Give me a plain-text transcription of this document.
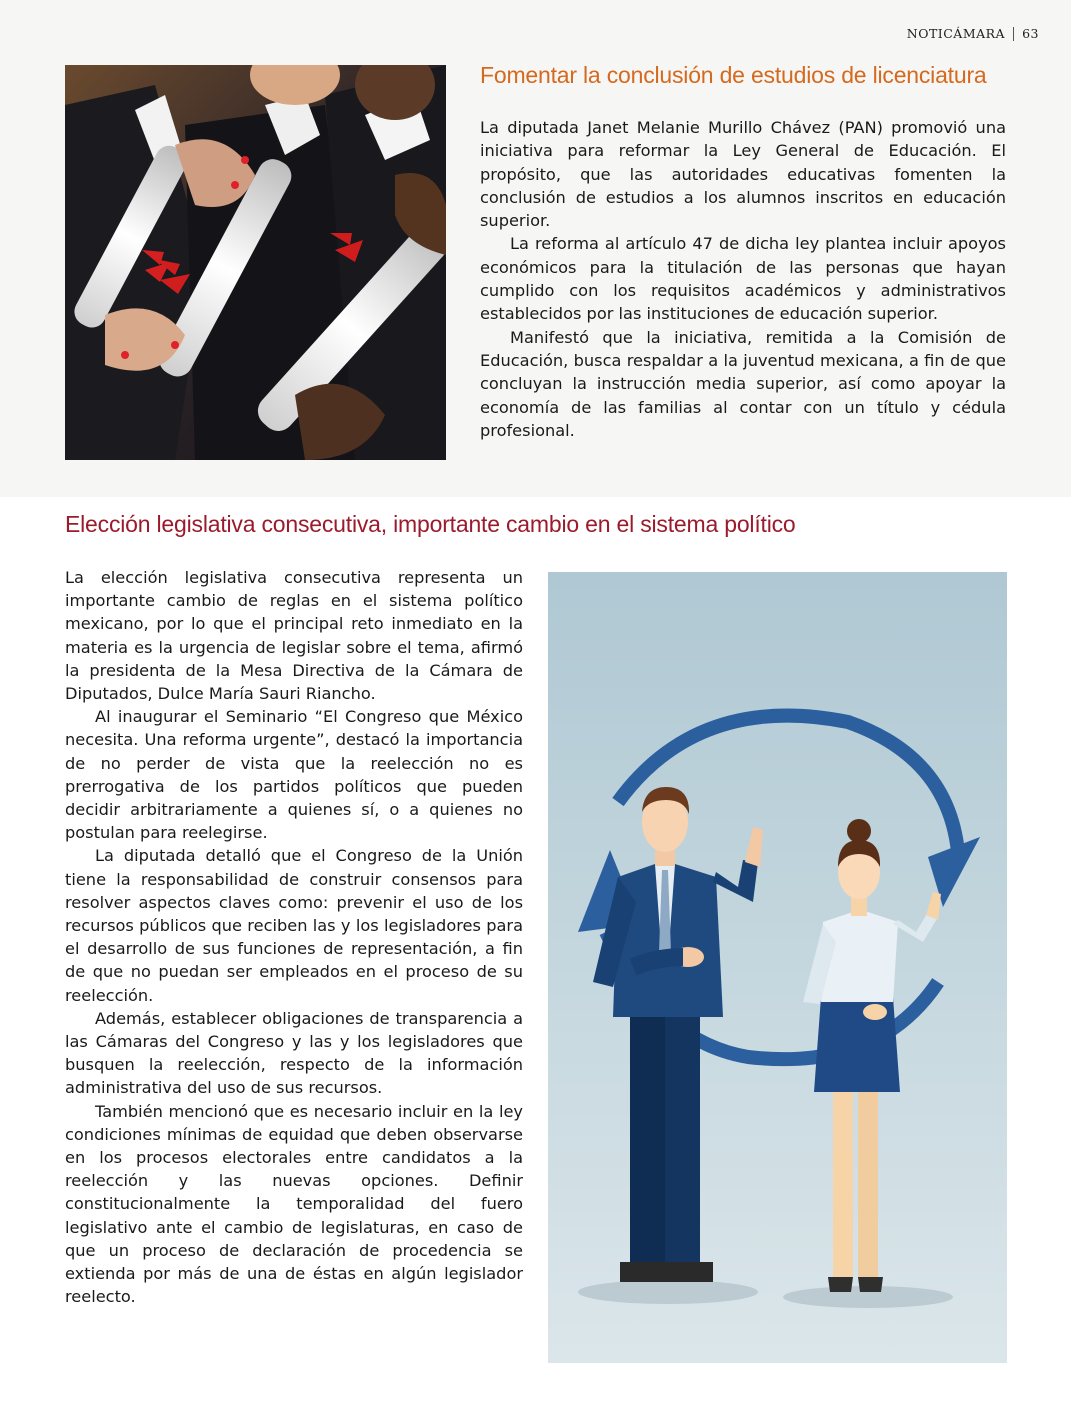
NOTICÁMARA 63
Fomentar la conclusión de estudios de licenciatura

La diputada Janet Melanie Murillo Chávez (PAN) promovió una iniciativa para reformar la Ley General de Educación. El propósito, que las autoridades educativas fomenten la conclusión de estudios a los alumnos inscritos en educación superior.

La reforma al artículo 47 de dicha ley plantea incluir apoyos económicos para la titulación de las personas que hayan cumplido con los requisitos académicos y administrativos establecidos por las instituciones de educación superior.

Manifestó que la iniciativa, remitida a la Comisión de Educación, busca respaldar a la juventud mexicana, a fin de que concluyan la instrucción media superior, así como apoyar la economía de las familias al contar con un título y cédula profesional.

Elección legislativa consecutiva, importante cambio en el sistema político

La elección legislativa consecutiva representa un importante cambio de reglas en el sistema político mexicano, por lo que el principal reto inmediato en la materia es la urgencia de legislar sobre el tema, afirmó la presidenta de la Mesa Directiva de la Cámara de Diputados, Dulce María Sauri Riancho.

Al inaugurar el Seminario “El Congreso que México necesita. Una reforma urgente”, destacó la importancia de no perder de vista que la reelección no es prerrogativa de los partidos políticos que pueden decidir arbitrariamente a quienes sí, o a quienes no postulan para reelegirse.

La diputada detalló que el Congreso de la Unión tiene la responsabilidad de construir consensos para resolver aspectos claves como: prevenir el uso de los recursos públicos que reciben las y los legisladores para el desarrollo de sus funciones de representación, a fin de que no puedan ser empleados en el proceso de su reelección.

Además, establecer obligaciones de transparencia a las Cámaras del Congreso y las y los legisladores que busquen la reelección, respecto de la información administrativa del uso de sus recursos.

También mencionó que es necesario incluir en la ley condiciones mínimas de equidad que deben observarse en los procesos electorales entre candidatos a la reelección y las nuevas opciones. Definir constitucionalmente la temporalidad del fuero legislativo ante el cambio de legislaturas, en caso de que un proceso de declaración de procedencia se extienda por más de una de éstas en algún legislador reelecto.
